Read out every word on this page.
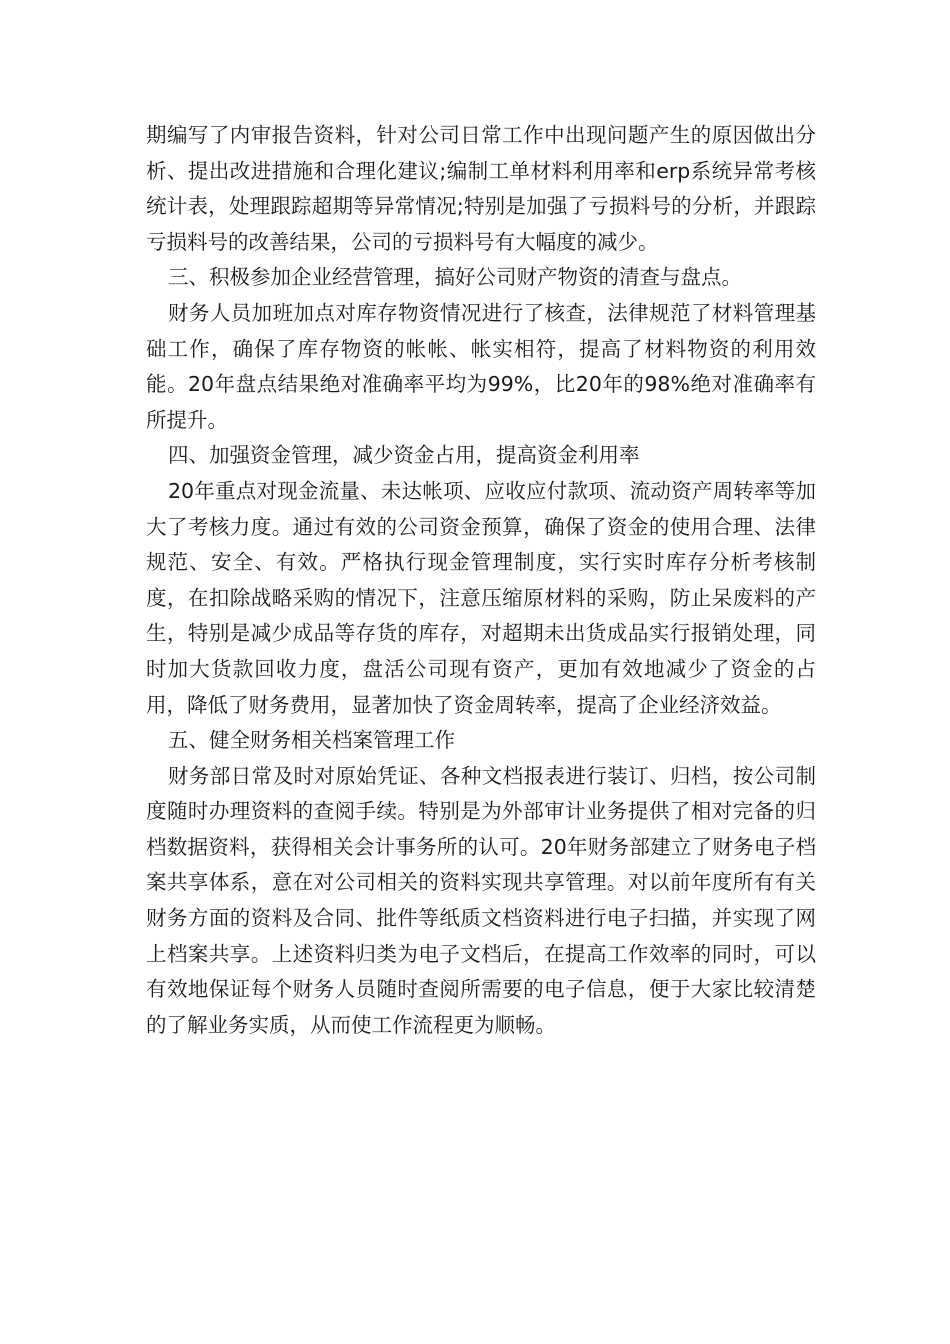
期编写了内审报告资料，针对公司日常工作中出现问题产生的原因做出分析、提出改进措施和合理化建议;编制工单材料利用率和erp系统异常考核统计表，处理跟踪超期等异常情况;特别是加强了亏损料号的分析，并跟踪亏损料号的改善结果，公司的亏损料号有大幅度的减少。

三、积极参加企业经营管理，搞好公司财产物资的清查与盘点。

财务人员加班加点对库存物资情况进行了核查，法律规范了材料管理基础工作，确保了库存物资的帐帐、帐实相符，提高了材料物资的利用效能。20年盘点结果绝对准确率平均为99%，比20年的98%绝对准确率有所提升。

四、加强资金管理，减少资金占用，提高资金利用率

20年重点对现金流量、未达帐项、应收应付款项、流动资产周转率等加大了考核力度。通过有效的公司资金预算，确保了资金的使用合理、法律规范、安全、有效。严格执行现金管理制度，实行实时库存分析考核制度，在扣除战略采购的情况下，注意压缩原材料的采购，防止呆废料的产生，特别是减少成品等存货的库存，对超期未出货成品实行报销处理，同时加大货款回收力度，盘活公司现有资产，更加有效地减少了资金的占用，降低了财务费用，显著加快了资金周转率，提高了企业经济效益。

五、健全财务相关档案管理工作

财务部日常及时对原始凭证、各种文档报表进行装订、归档，按公司制度随时办理资料的查阅手续。特别是为外部审计业务提供了相对完备的归档数据资料，获得相关会计事务所的认可。20年财务部建立了财务电子档案共享体系，意在对公司相关的资料实现共享管理。对以前年度所有有关财务方面的资料及合同、批件等纸质文档资料进行电子扫描，并实现了网上档案共享。上述资料归类为电子文档后，在提高工作效率的同时，可以有效地保证每个财务人员随时查阅所需要的电子信息，便于大家比较清楚的了解业务实质，从而使工作流程更为顺畅。
